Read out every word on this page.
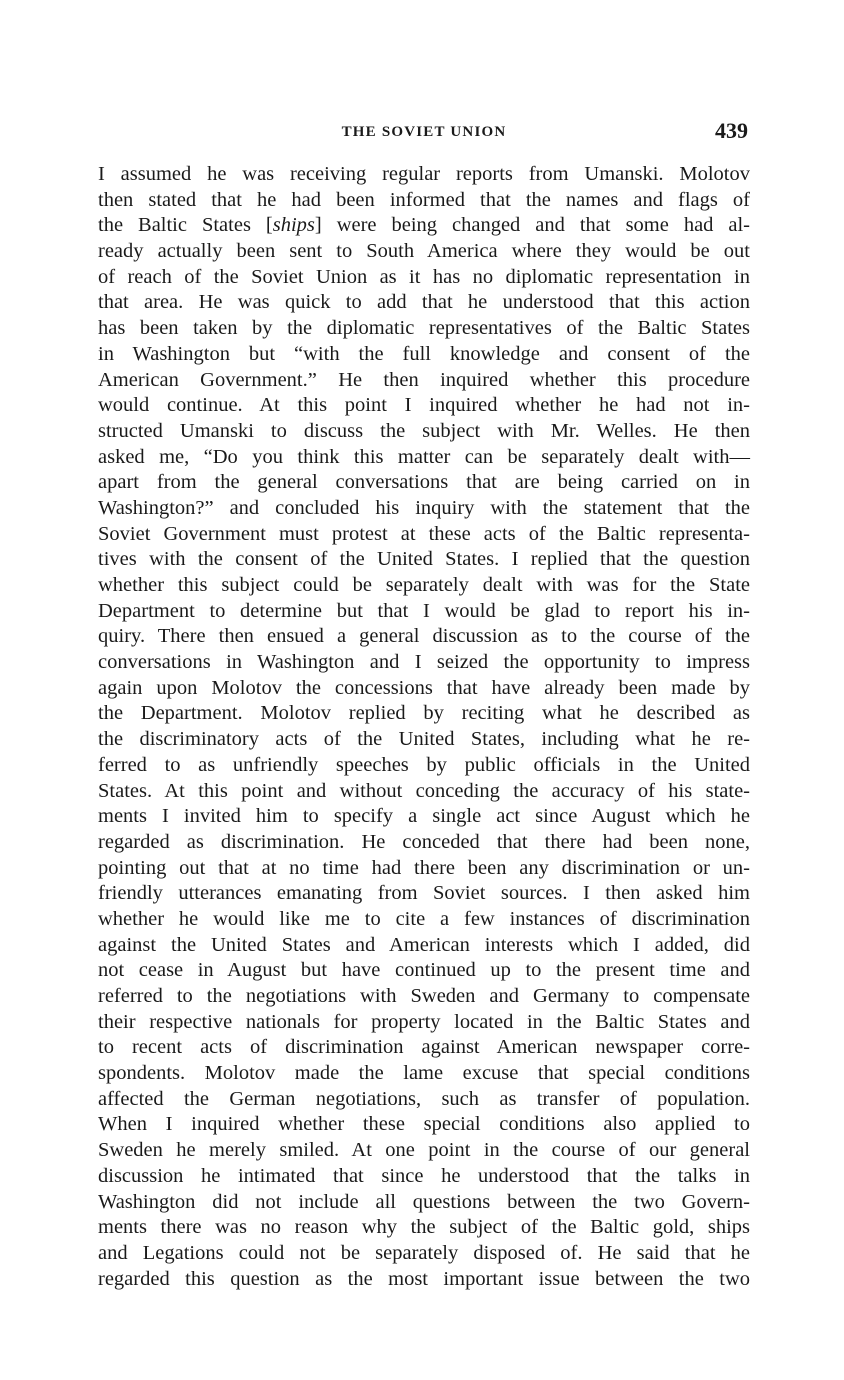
THE SOVIET UNION	439
I assumed he was receiving regular reports from Umanski. Molotov
then stated that he had been informed that the names and flags of
the Baltic States [ships] were being changed and that some had al-
ready actually been sent to South America where they would be out
of reach of the Soviet Union as it has no diplomatic representation in
that area. He was quick to add that he understood that this action
has been taken by the diplomatic representatives of the Baltic States
in Washington but “with the full knowledge and consent of the
American Government.” He then inquired whether this procedure
would continue. At this point I inquired whether he had not in-
structed Umanski to discuss the subject with Mr. Welles. He then
asked me, “Do you think this matter can be separately dealt with—
apart from the general conversations that are being carried on in
Washington?” and concluded his inquiry with the statement that the
Soviet Government must protest at these acts of the Baltic representa-
tives with the consent of the United States. I replied that the question
whether this subject could be separately dealt with was for the State
Department to determine but that I would be glad to report his in-
quiry. There then ensued a general discussion as to the course of the
conversations in Washington and I seized the opportunity to impress
again upon Molotov the concessions that have already been made by
the Department. Molotov replied by reciting what he described as
the discriminatory acts of the United States, including what he re-
ferred to as unfriendly speeches by public officials in the United
States. At this point and without conceding the accuracy of his state-
ments I invited him to specify a single act since August which he
regarded as discrimination. He conceded that there had been none,
pointing out that at no time had there been any discrimination or un-
friendly utterances emanating from Soviet sources. I then asked him
whether he would like me to cite a few instances of discrimination
against the United States and American interests which I added, did
not cease in August but have continued up to the present time and
referred to the negotiations with Sweden and Germany to compensate
their respective nationals for property located in the Baltic States and
to recent acts of discrimination against American newspaper corre-
spondents. Molotov made the lame excuse that special conditions
affected the German negotiations, such as transfer of population.
When I inquired whether these special conditions also applied to
Sweden he merely smiled. At one point in the course of our general
discussion he intimated that since he understood that the talks in
Washington did not include all questions between the two Govern-
ments there was no reason why the subject of the Baltic gold, ships
and Legations could not be separately disposed of. He said that he
regarded this question as the most important issue between the two
